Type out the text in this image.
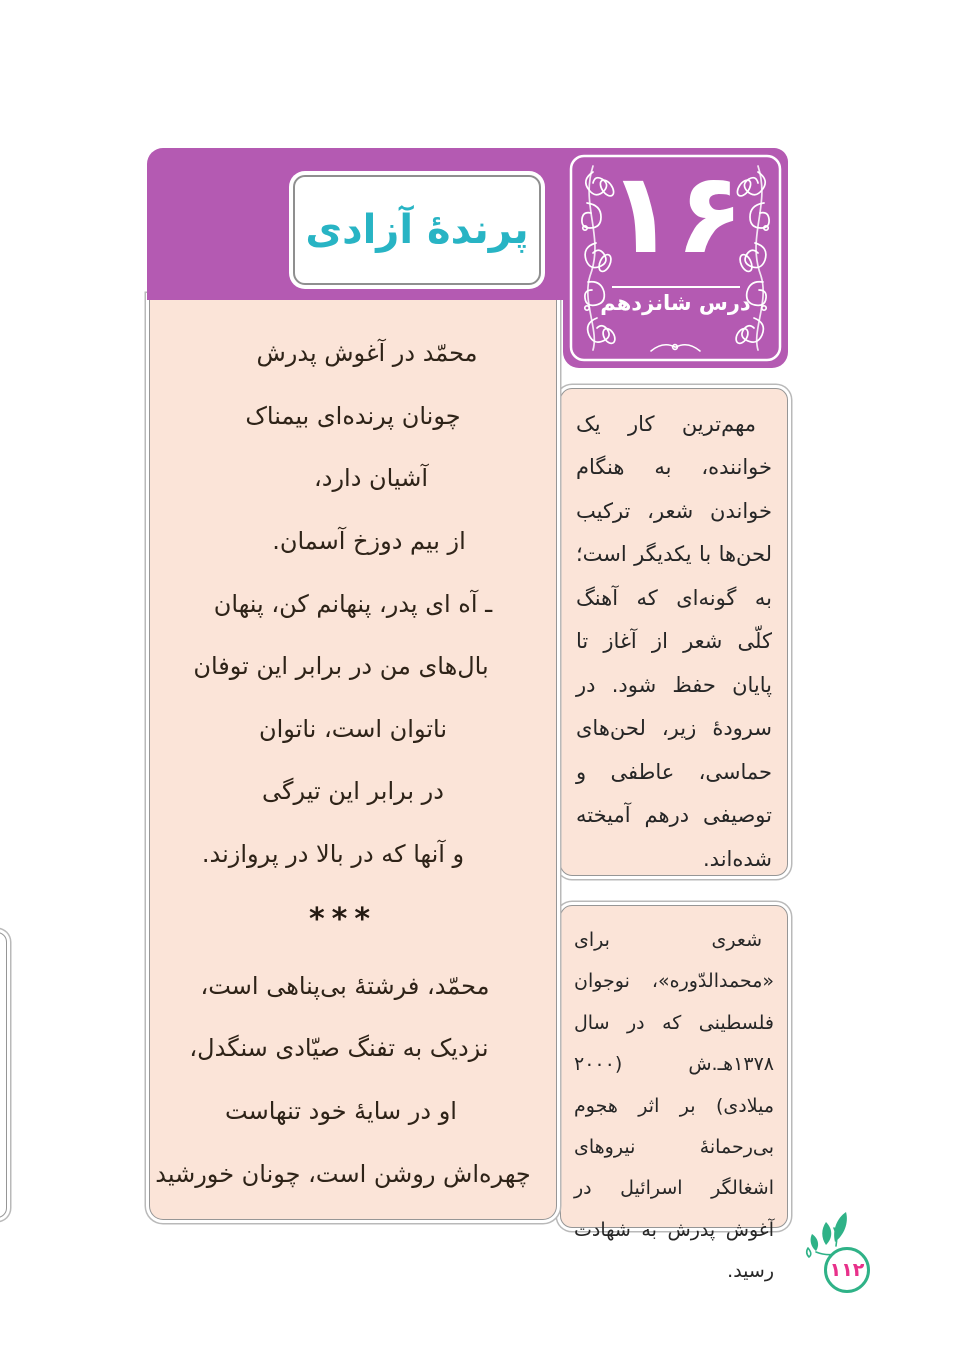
پرندهٔ آزادی ۱۶
درس شانزدهم
محمّد در آغوش پدرش
چونان پرنده‌ای بیمناک
آشیان دارد،
از بیم دوزخ آسمان.
ـ آه ای پدر، پنهانم کن، پنهان
بال‌های من در برابر این توفان
ناتوان است، ناتوان
در برابر این تیرگی
و آنها که در بالا در پروازند.
***
محمّد، فرشتهٔ بی‌پناهی است،
نزدیک به تفنگ صیّادی سنگدل،
او در سایهٔ خود تنهاست
چهره‌اش روشن است، چونان خورشید
مهم‌ترین کار یک خواننده، به هنگام خواندن شعر، ترکیب لحن‌ها با یکدیگر است؛ به گونه‌ای که آهنگ کلّی شعر از آغاز تا پایان حفظ شود. در سرودهٔ زیر، لحن‌های حماسی، عاطفی و توصیفی درهم آمیخته شده‌اند.
شعری برای «محمدالدّوره»، نوجوان فلسطینی که در سال ۱۳۷۸هـ.ش (۲۰۰۰ میلادی) بر اثر هجوم بی‌رحمانهٔ نیروهای اشغالگر اسرائیل در آغوش پدرش به شهادت رسید.	۱۱۲
